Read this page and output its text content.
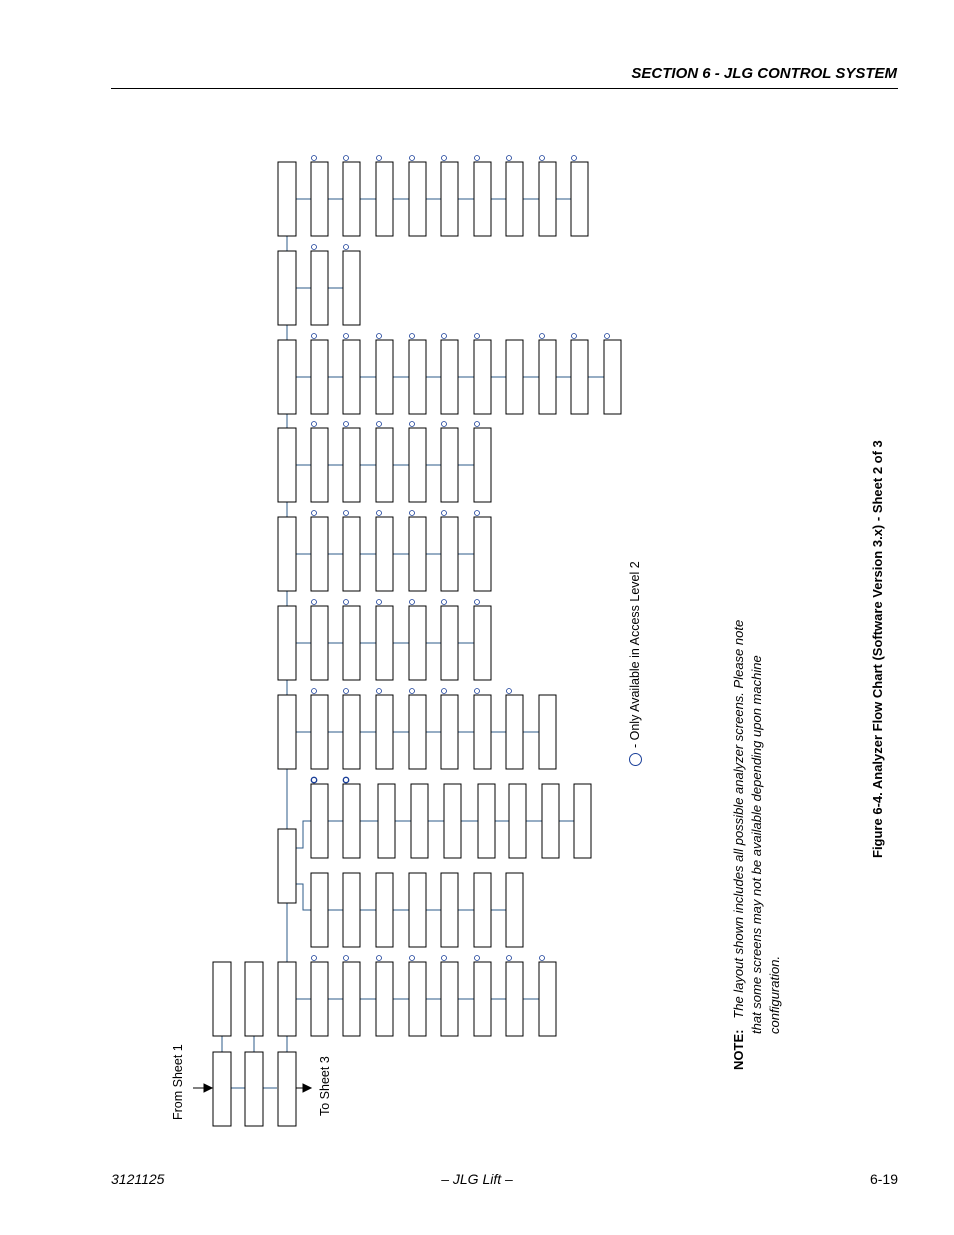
SECTION 6 - JLG CONTROL SYSTEM
From Sheet 1	To Sheet 3
- Only Available in Access Level 2
NOTE:   The layout shown includes all possible analyzer screens. Please note that some screens may not be available depending upon machine configuration.
Figure 6-4. Analyzer Flow Chart (Software Version 3.x) - Sheet 2 of 3
3121125	– JLG Lift –	6-19
